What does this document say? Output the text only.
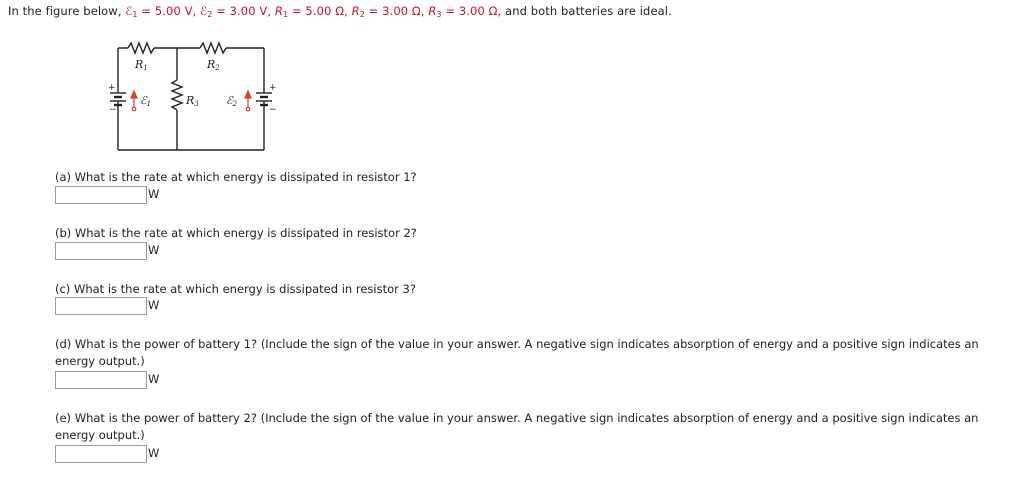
In the figure below, ℰ$_1$ = 5.00 V, ℰ$_2$ = 3.00 V, $R_1 = 5.00$ Ω, $R_2 = 3.00$ Ω, $R_3 = 3.00$ Ω, and both batteries are ideal.
+
−
+
−
R1	R2
R3
ℰ1	ℰ2
(a) What is the rate at which energy is dissipated in resistor 1?
W
(b) What is the rate at which energy is dissipated in resistor 2?
W
(c) What is the rate at which energy is dissipated in resistor 3?
W
(d) What is the power of battery 1? (Include the sign of the value in your answer. A negative sign indicates absorption of energy and a positive sign indicates an energy output.)
W
(e) What is the power of battery 2? (Include the sign of the value in your answer. A negative sign indicates absorption of energy and a positive sign indicates an energy output.)
W
